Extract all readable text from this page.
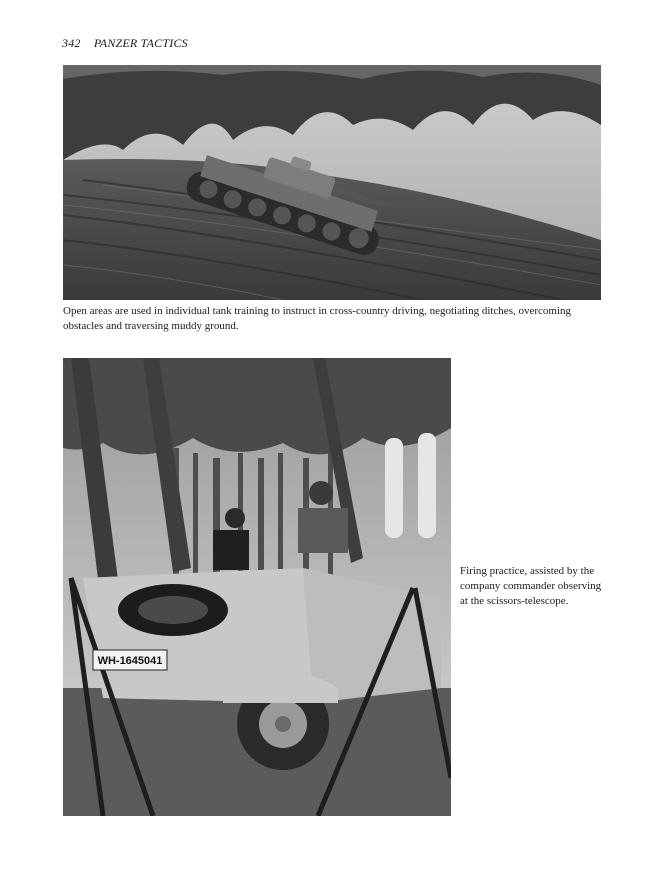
342 PANZER TACTICS
Open areas are used in individual tank training to instruct in cross-country driving, negotiating ditches, overcoming obstacles and traversing muddy ground.
WH-1645041
Firing practice, assisted by the company commander observing at the scissors-telescope.
